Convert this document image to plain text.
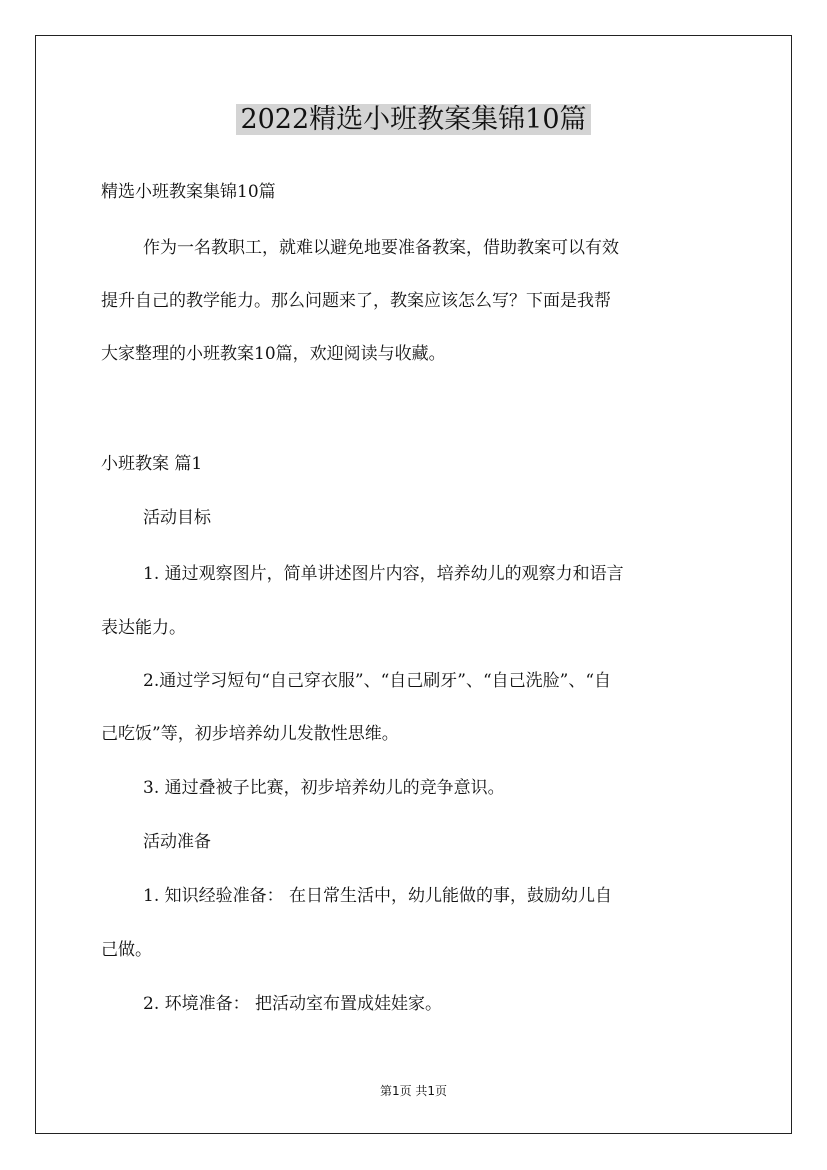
2022精选小班教案集锦10篇
精选小班教案集锦10篇
作为一名教职工，就难以避免地要准备教案，借助教案可以有效
提升自己的教学能力。那么问题来了，教案应该怎么写？下面是我帮
大家整理的小班教案10篇，欢迎阅读与收藏。
小班教案 篇1
活动目标
1. 通过观察图片，简单讲述图片内容，培养幼儿的观察力和语言
表达能力。
2.通过学习短句“自己穿衣服”、“自己刷牙”、“自己洗脸”、“自
己吃饭”等，初步培养幼儿发散性思维。
3. 通过叠被子比赛，初步培养幼儿的竞争意识。
活动准备
1. 知识经验准备： 在日常生活中，幼儿能做的事，鼓励幼儿自
己做。
2. 环境准备： 把活动室布置成娃娃家。
第1页 共1页
